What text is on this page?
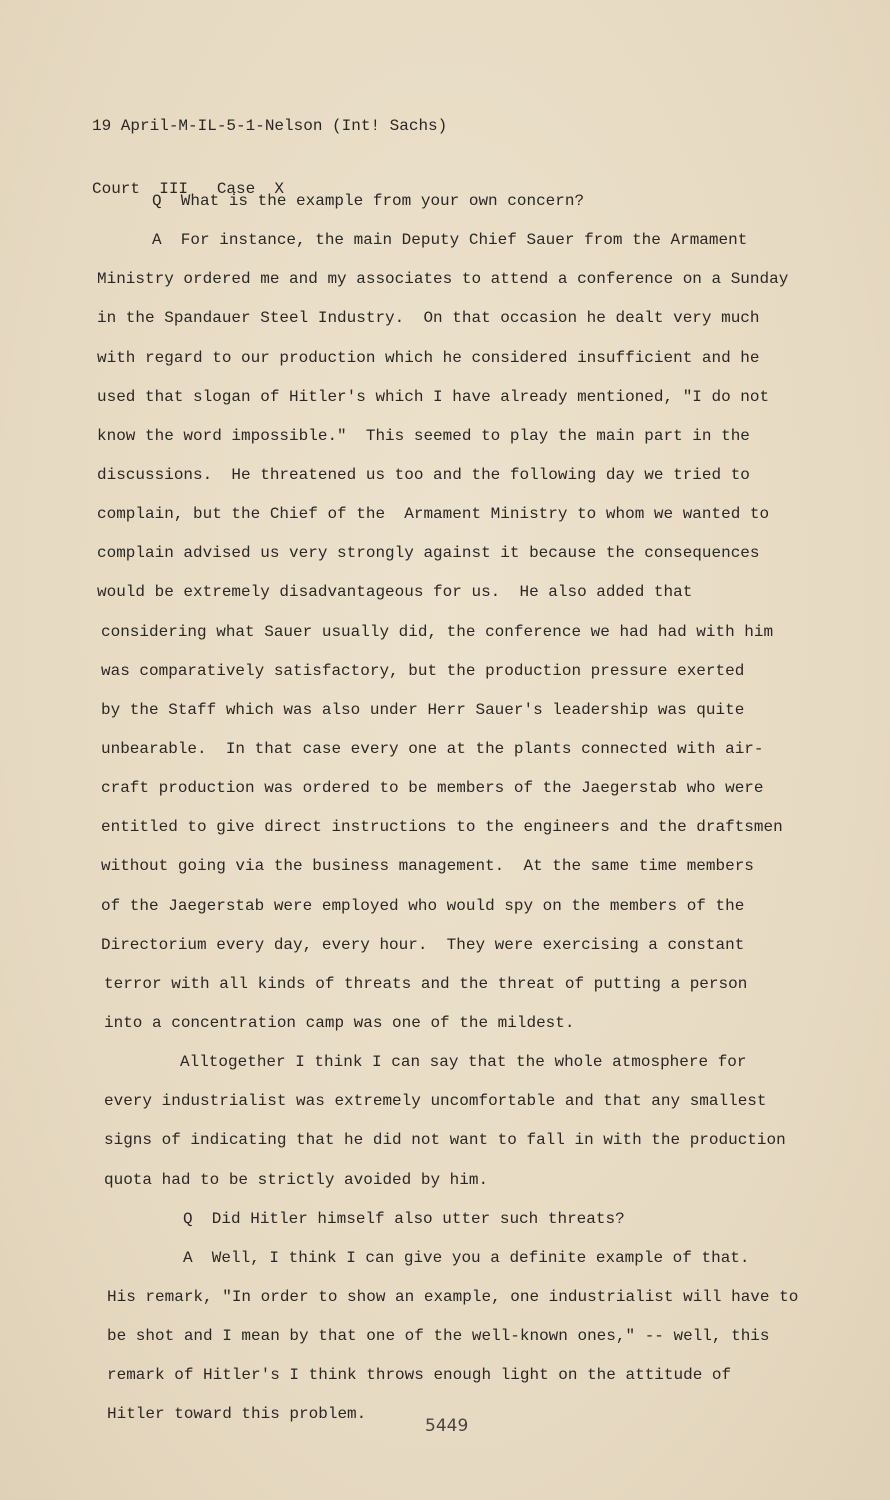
19 April-M-IL-5-1-Nelson (Int! Sachs)

Court  III   Case  X

Q  What is the example from your own concern?
A  For instance, the main Deputy Chief Sauer from the Armament
Ministry ordered me and my associates to attend a conference on a Sunday
in the Spandauer Steel Industry.  On that occasion he dealt very much
with regard to our production which he considered insufficient and he
used that slogan of Hitler's which I have already mentioned, "I do not
know the word impossible."  This seemed to play the main part in the
discussions.  He threatened us too and the following day we tried to
complain, but the Chief of the  Armament Ministry to whom we wanted to
complain advised us very strongly against it because the consequences
would be extremely disadvantageous for us.  He also added that
considering what Sauer usually did, the conference we had had with him
was comparatively satisfactory, but the production pressure exerted
by the Staff which was also under Herr Sauer's leadership was quite
unbearable.  In that case every one at the plants connected with air-
craft production was ordered to be members of the Jaegerstab who were
entitled to give direct instructions to the engineers and the draftsmen
without going via the business management.  At the same time members
of the Jaegerstab were employed who would spy on the members of the
Directorium every day, every hour.  They were exercising a constant
terror with all kinds of threats and the threat of putting a person
into a concentration camp was one of the mildest.
Alltogether I think I can say that the whole atmosphere for
every industrialist was extremely uncomfortable and that any smallest
signs of indicating that he did not want to fall in with the production
quota had to be strictly avoided by him.
Q  Did Hitler himself also utter such threats?
A  Well, I think I can give you a definite example of that.
His remark, "In order to show an example, one industrialist will have to
be shot and I mean by that one of the well-known ones," -- well, this
remark of Hitler's I think throws enough light on the attitude of
Hitler toward this problem.
5449
